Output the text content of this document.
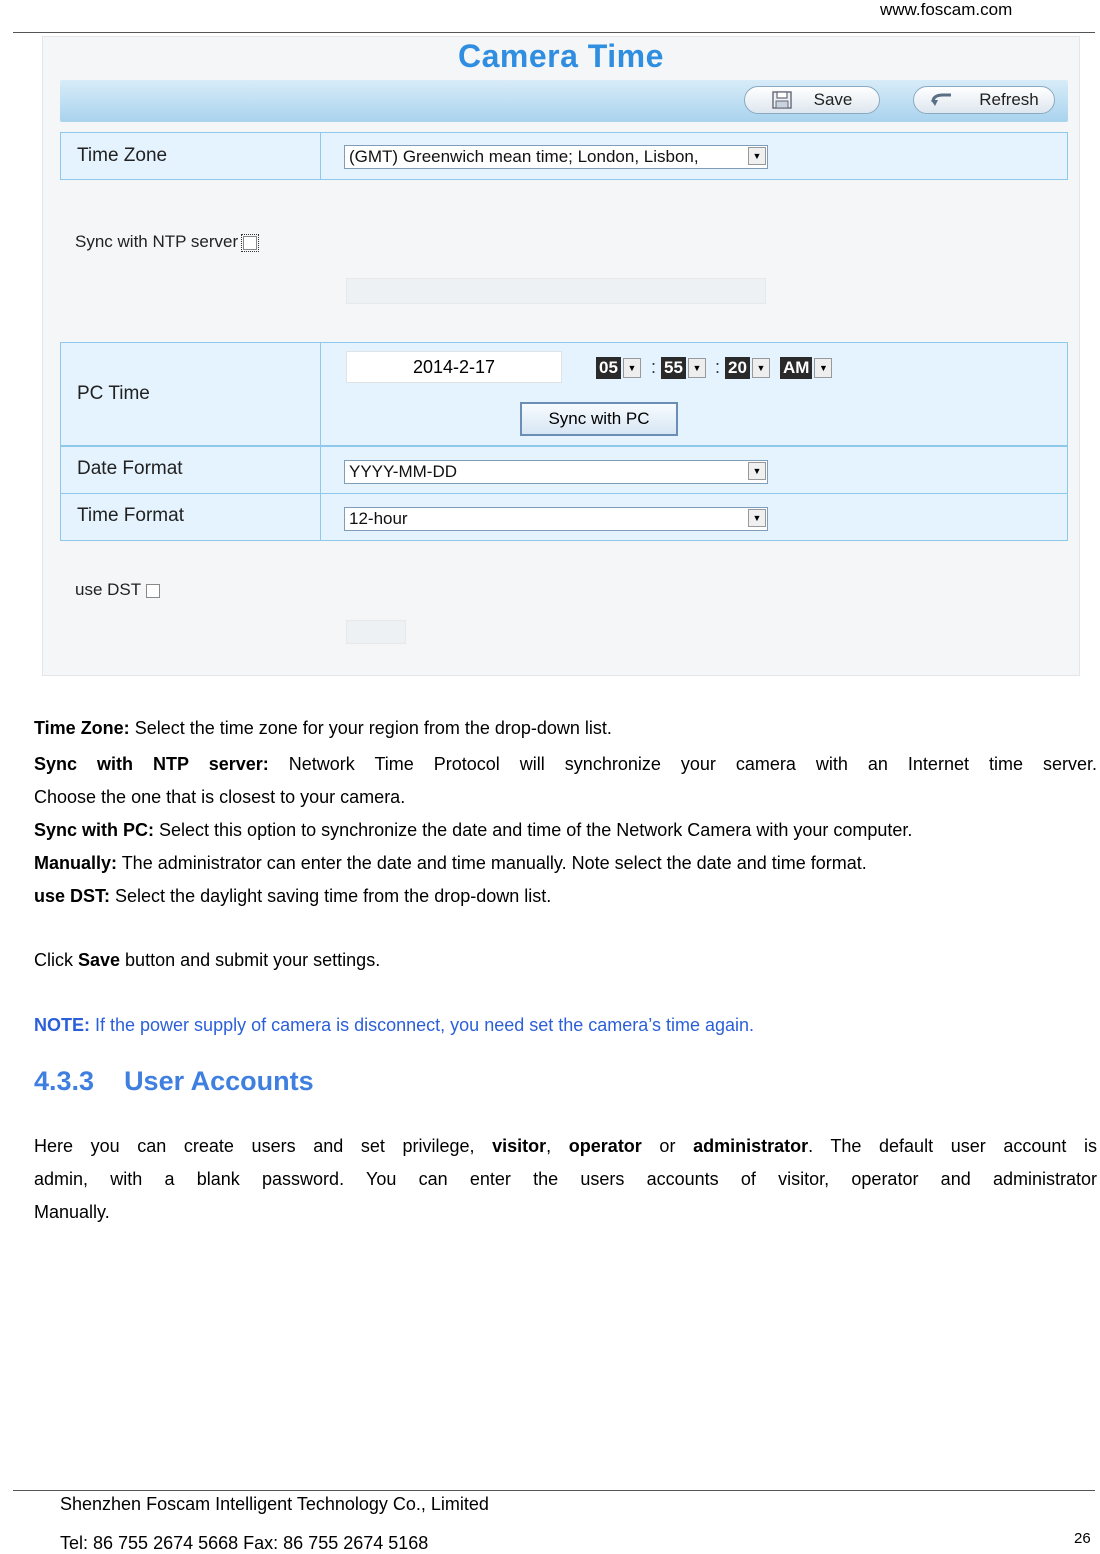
www.foscam.com
Camera Time
Save	Refresh
Time Zone	(GMT) Greenwich mean time; London, Lisbon,	▼
Sync with NTP server
PC Time
2014-2-17	05	▼ : 55	▼ : 20	▼ AM	▼
Sync with PC
Date Format	YYYY-MM-DD	▼
Time Format	12-hour	▼
use DST
Time Zone: Select the time zone for your region from the drop-down list.
Sync with NTP server: Network Time Protocol will synchronize your camera with an Internet time server.
Choose the one that is closest to your camera.
Sync with PC: Select this option to synchronize the date and time of the Network Camera with your computer.
Manually: The administrator can enter the date and time manually. Note select the date and time format.
use DST: Select the daylight saving time from the drop-down list.
Click Save button and submit your settings.
NOTE: If the power supply of camera is disconnect, you need set the camera’s time again.
4.3.3 User Accounts
Here you can create users and set privilege, visitor, operator or administrator. The default user account is
admin, with a blank password. You can enter the users accounts of visitor, operator and administrator
Manually.
Shenzhen Foscam Intelligent Technology Co., Limited
Tel: 86 755 2674 5668 Fax: 86 755 2674 5168	26
